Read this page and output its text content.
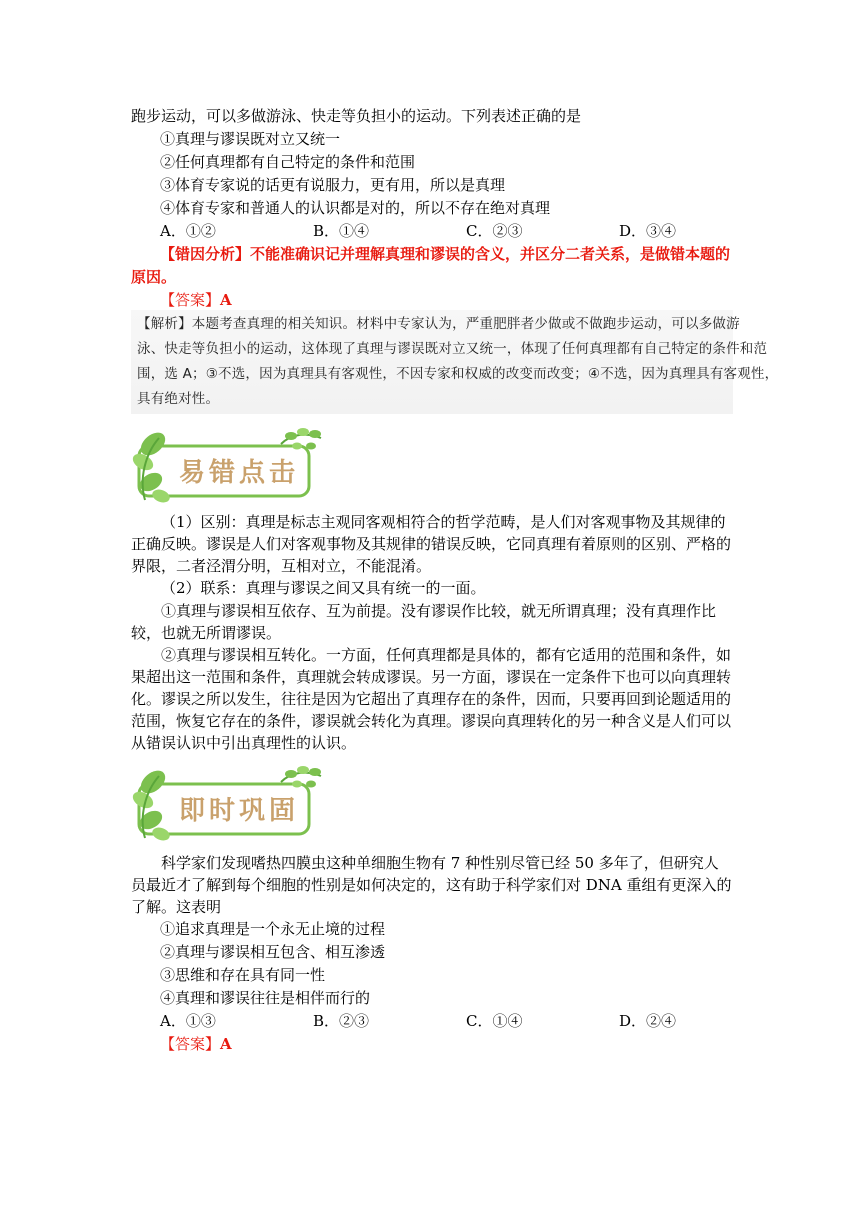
跑步运动，可以多做游泳、快走等负担小的运动。下列表述正确的是
①真理与谬误既对立又统一
②任何真理都有自己特定的条件和范围
③体育专家说的话更有说服力，更有用，所以是真理
④体育专家和普通人的认识都是对的，所以不存在绝对真理
A．①②	B．①④	C．②③	D．③④
【错因分析】不能准确识记并理解真理和谬误的含义，并区分二者关系，是做错本题的
原因。
【答案】A
【解析】本题考查真理的相关知识。材料中专家认为，严重肥胖者少做或不做跑步运动，可以多做游
泳、快走等负担小的运动，这体现了真理与谬误既对立又统一，体现了任何真理都有自己特定的条件和范
围，选 A；③不选，因为真理具有客观性，不因专家和权威的改变而改变；④不选，因为真理具有客观性，
具有绝对性。
易错点击
（1）区别：真理是标志主观同客观相符合的哲学范畴，是人们对客观事物及其规律的正确反映。谬误是人们对客观事物及其规律的错误反映，它同真理有着原则的区别、严格的界限，二者泾渭分明，互相对立，不能混淆。
（2）联系：真理与谬误之间又具有统一的一面。
①真理与谬误相互依存、互为前提。没有谬误作比较，就无所谓真理；没有真理作比较，也就无所谓谬误。
②真理与谬误相互转化。一方面，任何真理都是具体的，都有它适用的范围和条件，如果超出这一范围和条件，真理就会转成谬误。另一方面，谬误在一定条件下也可以向真理转化。谬误之所以发生，往往是因为它超出了真理存在的条件，因而，只要再回到论题适用的范围，恢复它存在的条件，谬误就会转化为真理。谬误向真理转化的另一种含义是人们可以从错误认识中引出真理性的认识。
即时巩固
科学家们发现嗜热四膜虫这种单细胞生物有 7 种性别尽管已经 50 多年了，但研究人员最近才了解到每个细胞的性别是如何决定的，这有助于科学家们对 DNA 重组有更深入的了解。这表明
①追求真理是一个永无止境的过程
②真理与谬误相互包含、相互渗透
③思维和存在具有同一性
④真理和谬误往往是相伴而行的
A．①③	B．②③	C．①④	D．②④
【答案】A
